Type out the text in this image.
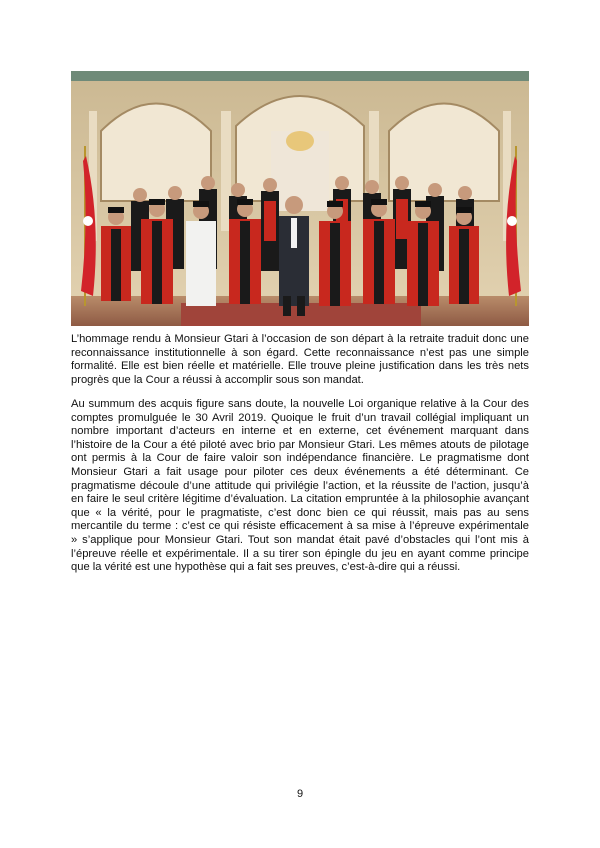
L’hommage rendu à Monsieur Gtari à l’occasion de son départ à la retraite traduit donc une reconnaissance institutionnelle à son égard. Cette reconnaissance n’est pas une simple formalité. Elle est bien réelle et matérielle. Elle trouve pleine justification dans les très nets progrès que la Cour a réussi à accomplir sous son mandat.

Au summum des acquis figure sans doute, la nouvelle Loi organique relative à la Cour des comptes promulguée le 30 Avril 2019. Quoique le fruit d’un travail collégial impliquant un nombre important d’acteurs en interne et en externe, cet événement marquant dans l’histoire de la Cour a été piloté avec brio par Monsieur Gtari. Les mêmes atouts de pilotage ont permis à la Cour de faire valoir son indépendance financière. Le pragmatisme dont Monsieur Gtari a fait usage pour piloter ces deux événements a été déterminant. Ce pragmatisme découle d’une attitude qui privilégie l’action, et la réussite de l’action, jusqu’à en faire le seul critère légitime d’évaluation. La citation empruntée à la philosophie avançant que « la vérité, pour le pragmatiste, c’est donc bien ce qui réussit, mais pas au sens mercantile du terme : c’est ce qui résiste efficacement à sa mise à l’épreuve expérimentale » s’applique pour Monsieur Gtari. Tout son mandat était pavé d’obstacles qui l’ont mis à l’épreuve réelle et expérimentale. Il a su tirer son épingle du jeu en ayant comme principe que la vérité est une hypothèse qui a fait ses preuves, c’est-à-dire qui a réussi.

9
